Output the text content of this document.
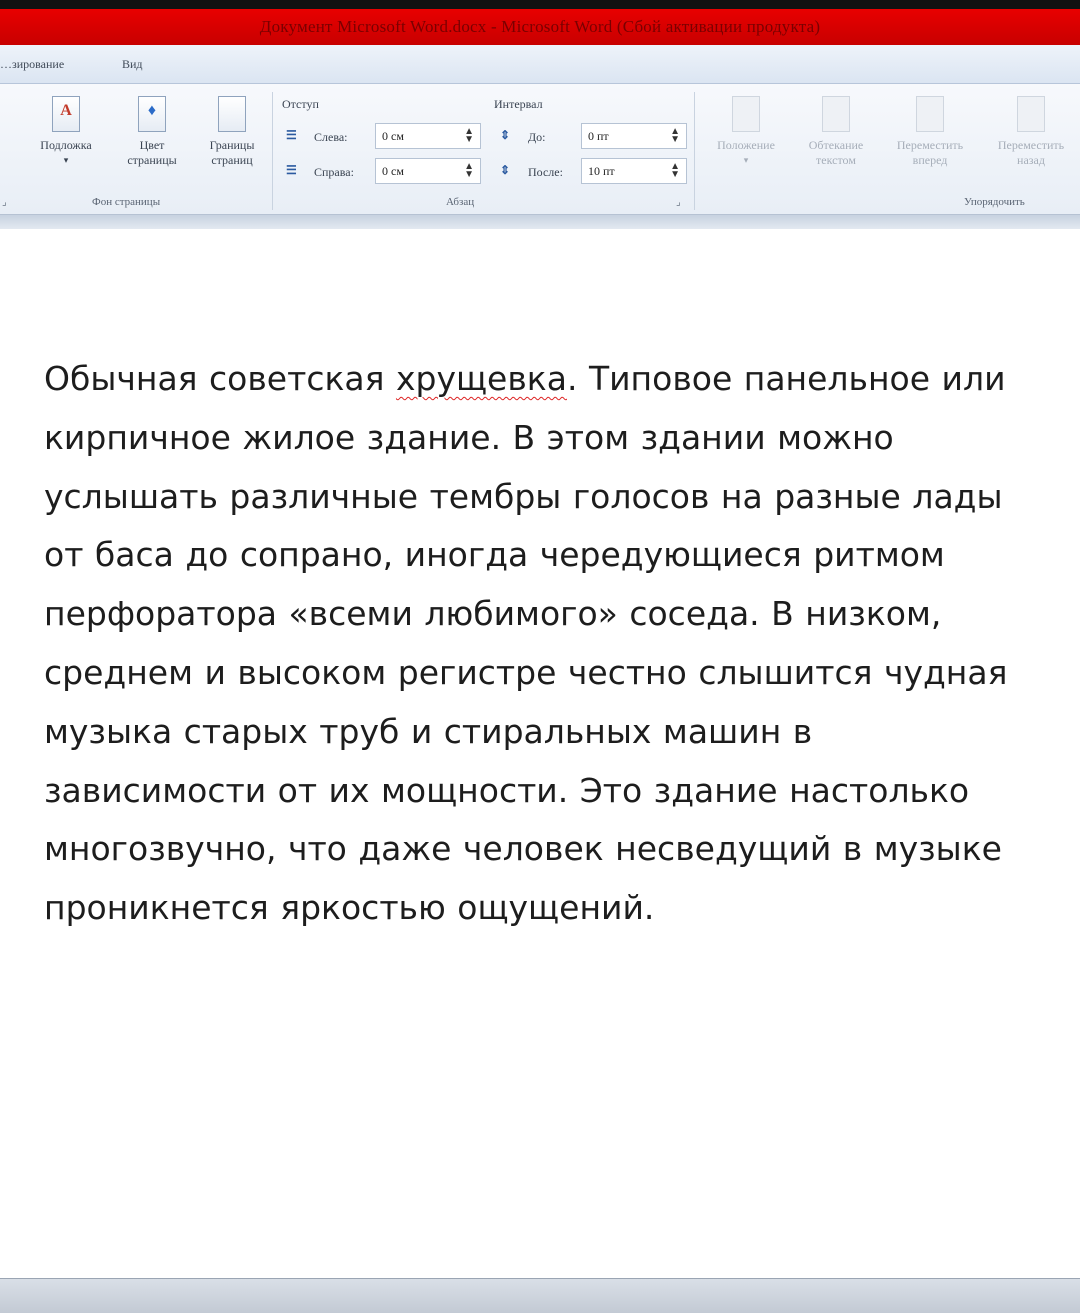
Документ Microsoft Word.docx - Microsoft Word (Сбой активации продукта)
…зирование	Вид
A
Подложка
▾
♦
Цвет
страницы
Границы
страниц
⌟	Фон страницы
Отступ
☰ Слева:	0 см	▲
▼
☰ Справа: 0 см	▲
▼
Интервал
⇕ До:	0 пт	▲
▼
⇕ После: 10 пт	▲
▼
Абзац	⌟
Положение
▾
Обтекание
текстом
Переместить
вперед
Переместить
назад
Упорядочить
Обычная советская хрущевка. Типовое панельное или
кирпичное жилое здание. В этом здании можно
услышать различные тембры голосов на разные лады
от баса до сопрано, иногда чередующиеся ритмом
перфоратора «всеми любимого» соседа. В низком,
среднем и высоком регистре честно слышится чудная
музыка старых труб и стиральных машин в
зависимости от их мощности. Это здание настолько
многозвучно, что даже человек несведущий в музыке
проникнется яркостью ощущений.
